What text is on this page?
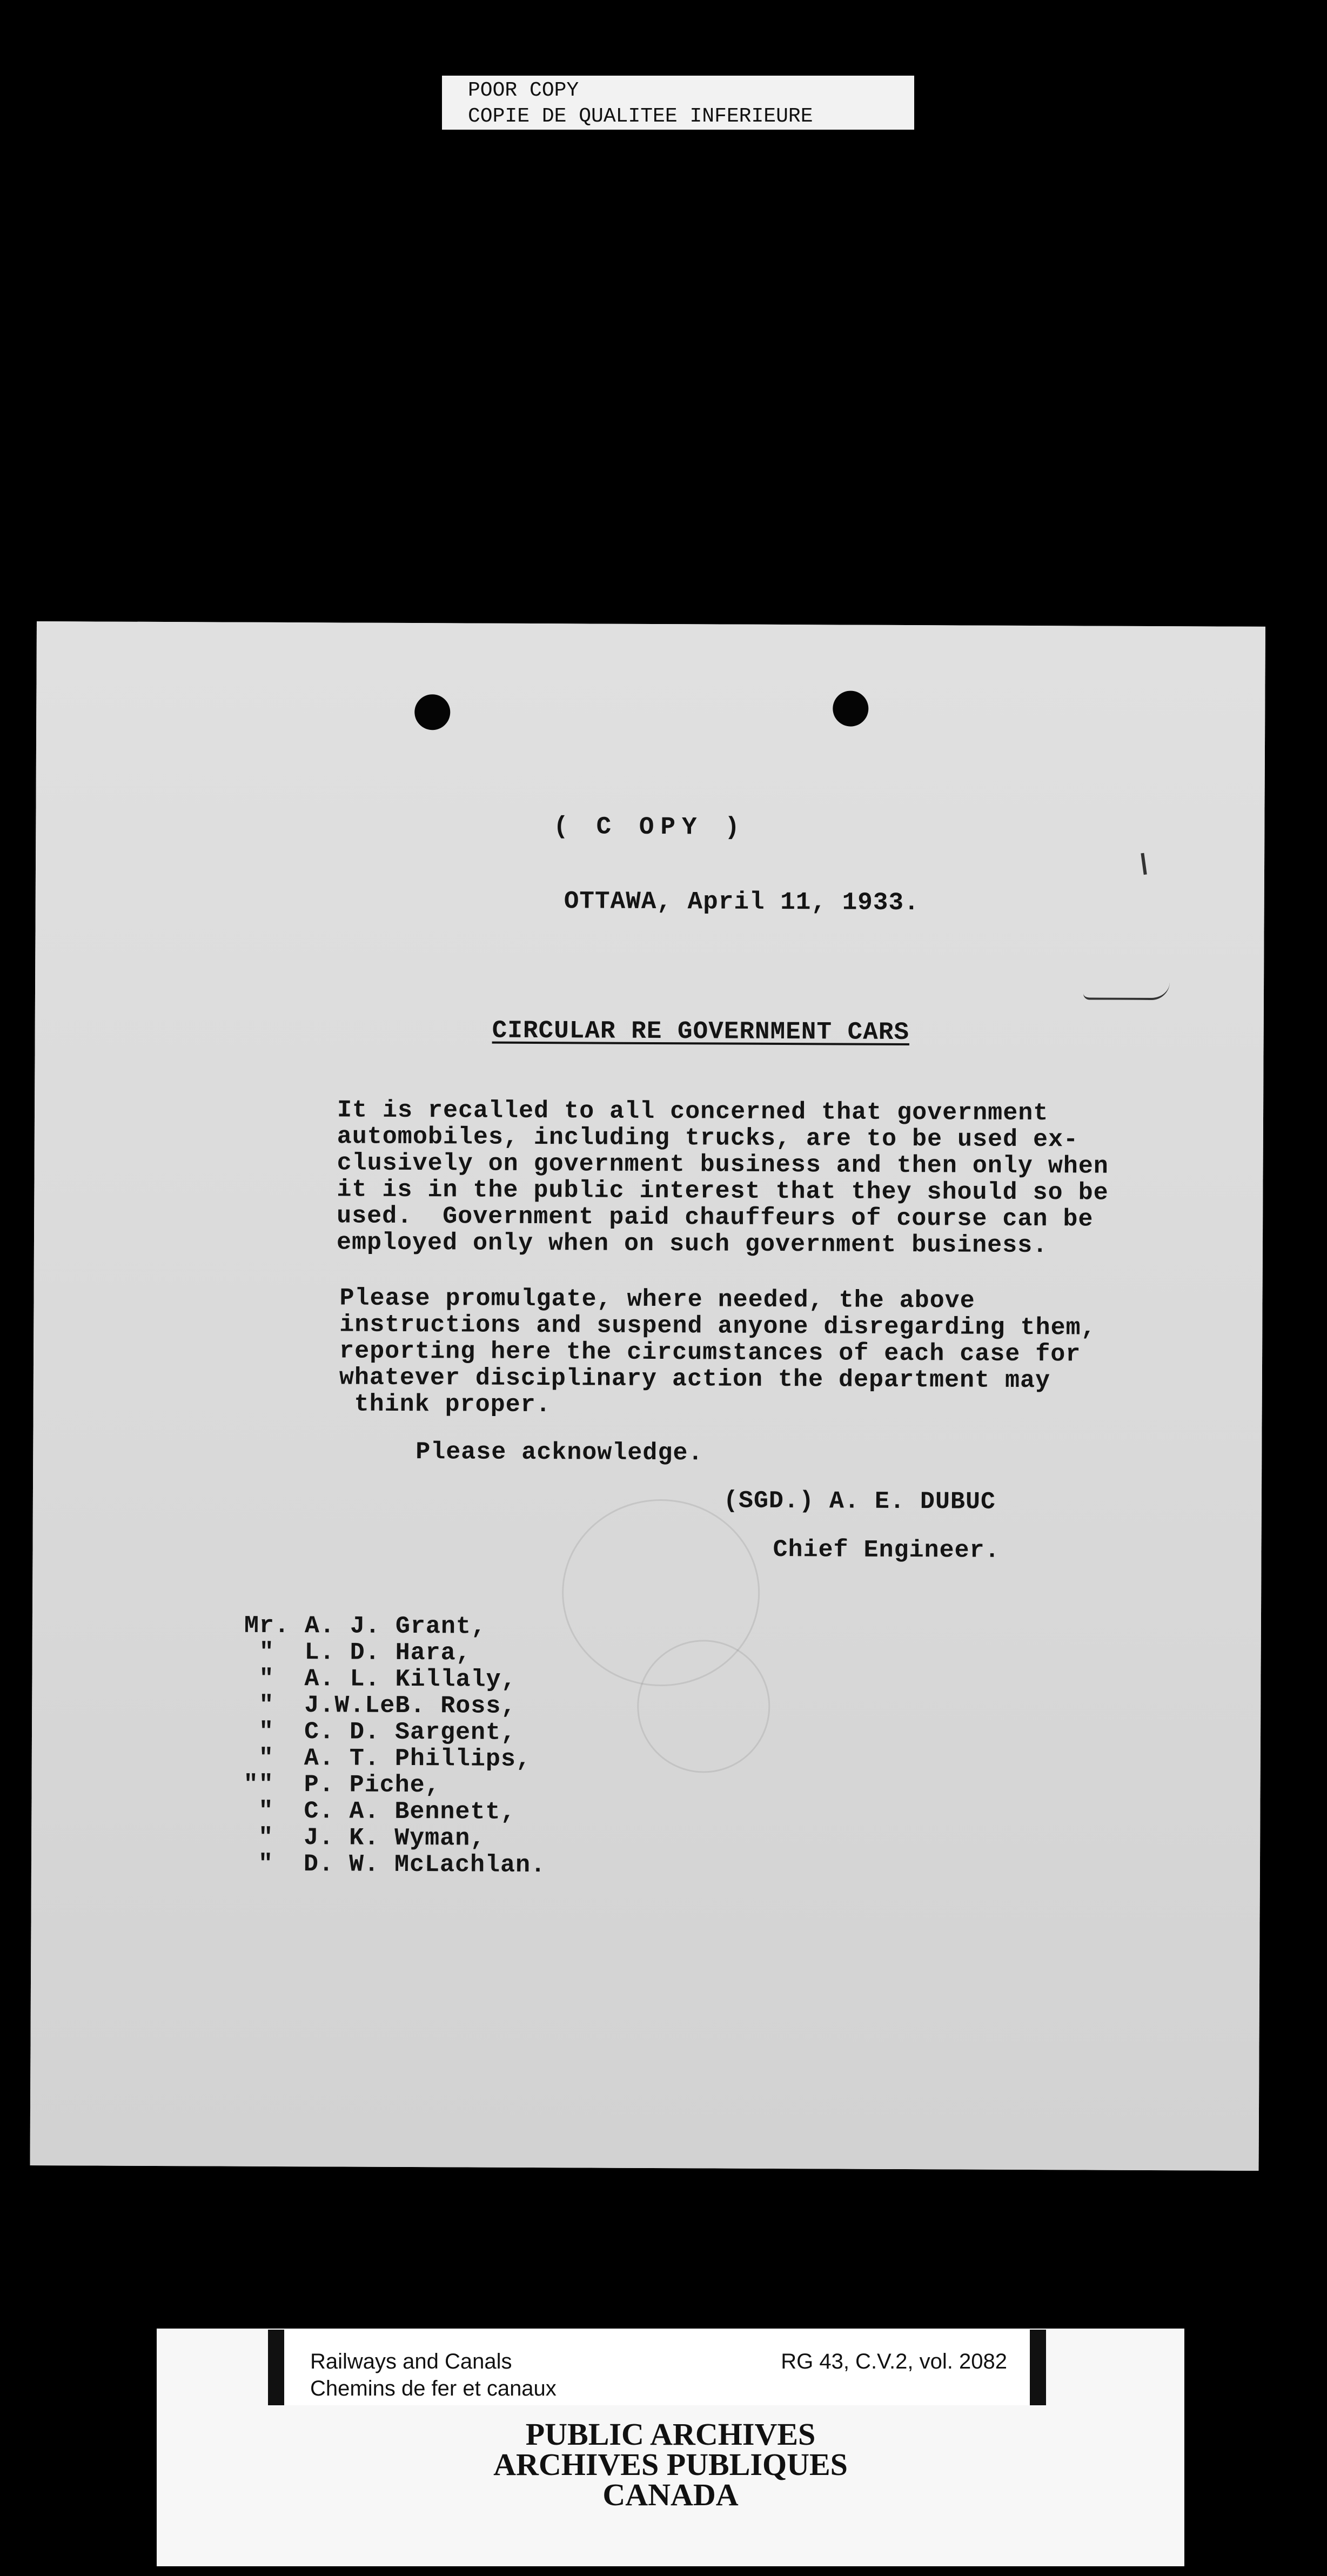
POOR COPY
COPIE DE QUALITEE INFERIEURE
( C OPY )
OTTAWA, April 11, 1933.
CIRCULAR RE GOVERNMENT CARS
It is recalled to all concerned that government
automobiles, including trucks, are to be used ex-
clusively on government business and then only when
it is in the public interest that they should so be
used.  Government paid chauffeurs of course can be
employed only when on such government business.
Please promulgate, where needed, the above
instructions and suspend anyone disregarding them,
reporting here the circumstances of each case for
whatever disciplinary action the department may
think proper.
Please acknowledge.
(SGD.) A. E. DUBUC
Chief Engineer.
Mr. A. J. Grant,
"  L. D. Hara,
"  A. L. Killaly,
"  J.W.LeB. Ross,
"  C. D. Sargent,
"  A. T. Phillips,
""  P. Piche,
"  C. A. Bennett,
"  J. K. Wyman,
"  D. W. McLachlan.
Railways and Canals
Chemins de fer et canaux
RG 43, C.V.2, vol. 2082
PUBLIC ARCHIVES
ARCHIVES PUBLIQUES
CANADA
